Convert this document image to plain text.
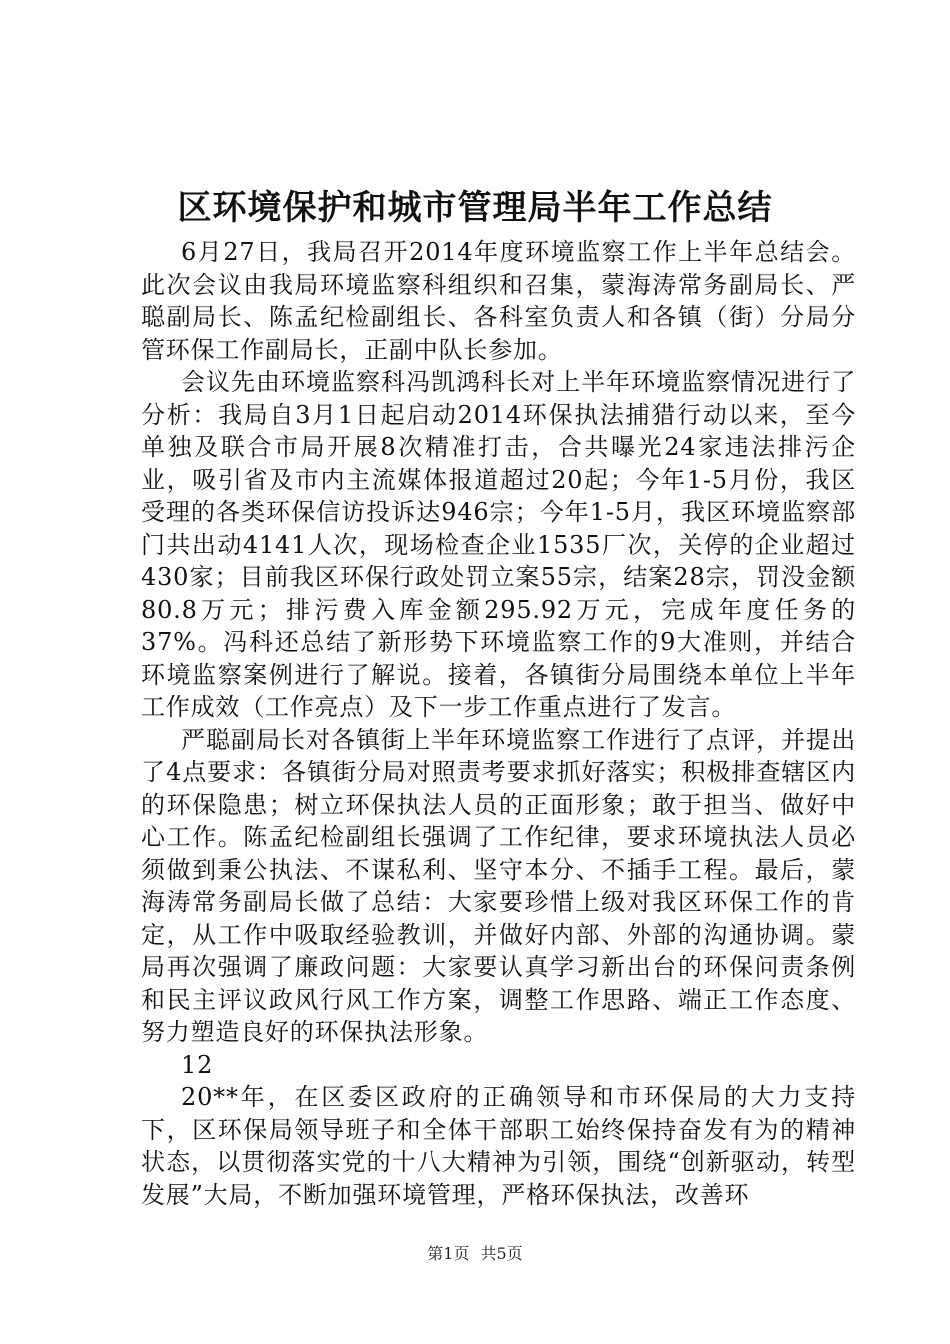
区环境保护和城市管理局半年工作总结

6月27日，我局召开2014年度环境监察工作上半年总结会。此次会议由我局环境监察科组织和召集，蒙海涛常务副局长、严聪副局长、陈孟纪检副组长、各科室负责人和各镇（街）分局分管环保工作副局长，正副中队长参加。

会议先由环境监察科冯凯鸿科长对上半年环境监察情况进行了分析：我局自3月1日起启动2014环保执法捕猎行动以来，至今单独及联合市局开展8次精准打击，合共曝光24家违法排污企业，吸引省及市内主流媒体报道超过20起；今年1-5月份，我区受理的各类环保信访投诉达946宗；今年1-5月，我区环境监察部门共出动4141人次，现场检查企业1535厂次，关停的企业超过430家；目前我区环保行政处罚立案55宗，结案28宗，罚没金额80.8万元；排污费入库金额295.92万元，完成年度任务的37%。冯科还总结了新形势下环境监察工作的9大准则，并结合环境监察案例进行了解说。接着，各镇街分局围绕本单位上半年工作成效（工作亮点）及下一步工作重点进行了发言。

严聪副局长对各镇街上半年环境监察工作进行了点评，并提出了4点要求：各镇街分局对照责考要求抓好落实；积极排查辖区内的环保隐患；树立环保执法人员的正面形象；敢于担当、做好中心工作。陈孟纪检副组长强调了工作纪律，要求环境执法人员必须做到秉公执法、不谋私利、坚守本分、不插手工程。最后，蒙海涛常务副局长做了总结：大家要珍惜上级对我区环保工作的肯定，从工作中吸取经验教训，并做好内部、外部的沟通协调。蒙局再次强调了廉政问题：大家要认真学习新出台的环保问责条例和民主评议政风行风工作方案，调整工作思路、端正工作态度、努力塑造良好的环保执法形象。

12

20**年，在区委区政府的正确领导和市环保局的大力支持下，区环保局领导班子和全体干部职工始终保持奋发有为的精神状态，以贯彻落实党的十八大精神为引领，围绕“创新驱动，转型发展”大局，不断加强环境管理，严格环保执法，改善环

第1页 共5页
